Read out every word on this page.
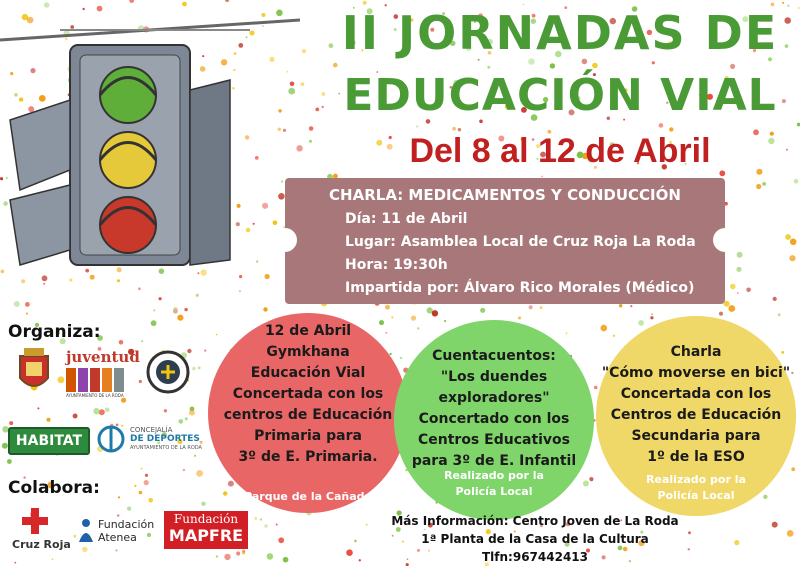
II JORNADAS DE
EDUCACIÓN VIAL
Del 8 al 12 de Abril
CHARLA: MEDICAMENTOS Y CONDUCCIÓN
Día: 11 de Abril
Lugar: Asamblea Local de Cruz Roja La Roda
Hora: 19:30h
Impartida por: Álvaro Rico Morales (Médico)
12 de Abril
Gymkhana
Educación Vial
Concertada con los
centros de Educación
Primaria para
3º de E. Primaria.
Parque de la Cañada
Cuentacuentos:
"Los duendes exploradores"
Concertado con los
Centros Educativos
para 3º de E. Infantil
Realizado por la
Policía Local
Charla
"Cómo moverse en bici"
Concertada con los
Centros de Educación
Secundaria para
1º de la ESO
Realizado por la
Policía Local
Organiza:
juventud
AYUNTAMIENTO DE LA RODA
HABITAT
CONCEJALÍA
DE DEPORTES
AYUNTAMIENTO DE LA RODA
Colabora:
Cruz Roja
Fundación
Atenea
Fundación
MAPFRE
Más Información: Centro Joven de La Roda
1ª Planta de la Casa de la Cultura
Tlfn:967442413
